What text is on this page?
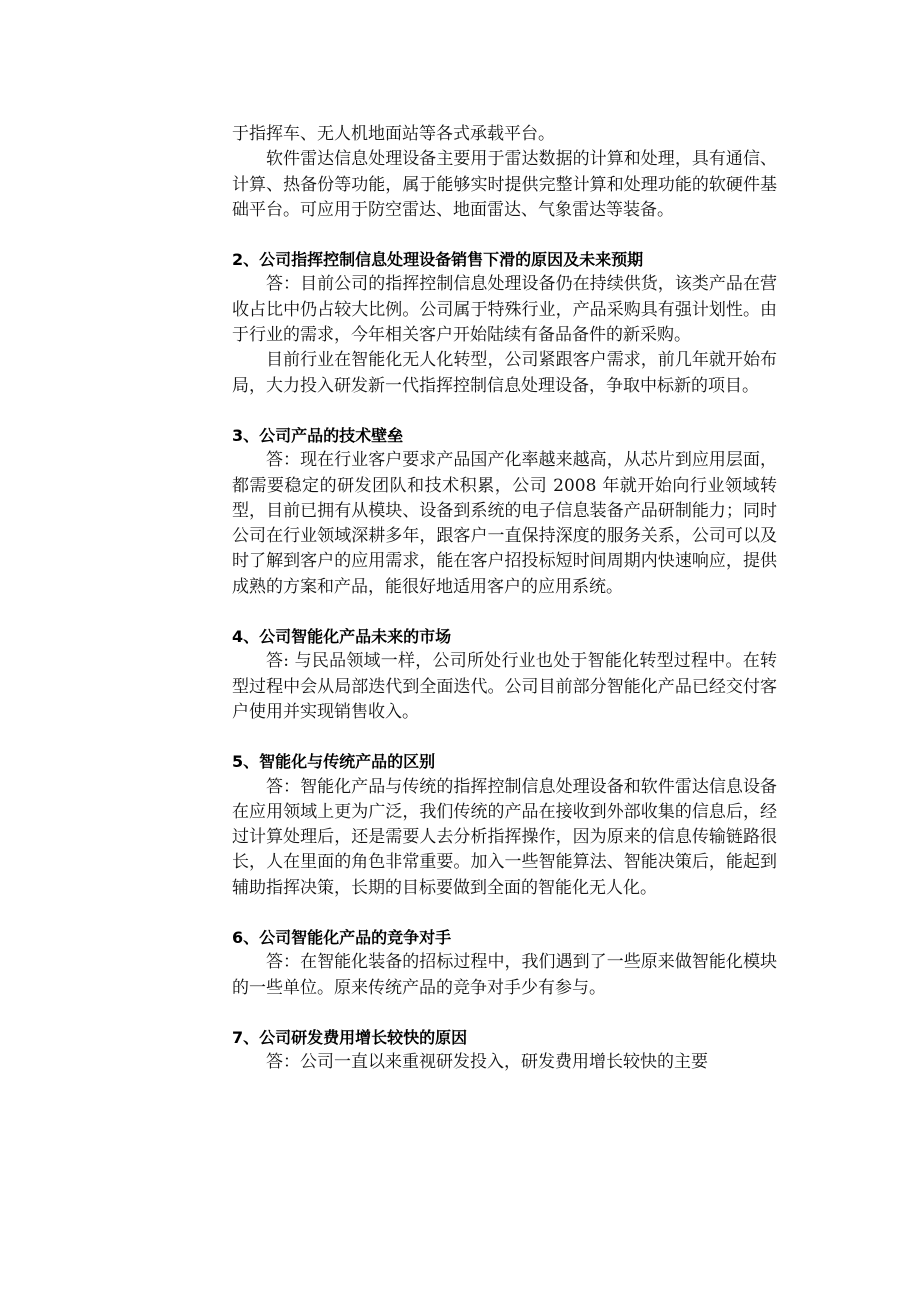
于指挥车、无人机地面站等各式承载平台。

软件雷达信息处理设备主要用于雷达数据的计算和处理，具有通信、计算、热备份等功能，属于能够实时提供完整计算和处理功能的软硬件基础平台。可应用于防空雷达、地面雷达、气象雷达等装备。

2、公司指挥控制信息处理设备销售下滑的原因及未来预期

答：目前公司的指挥控制信息处理设备仍在持续供货，该类产品在营收占比中仍占较大比例。公司属于特殊行业，产品采购具有强计划性。由于行业的需求，今年相关客户开始陆续有备品备件的新采购。

目前行业在智能化无人化转型，公司紧跟客户需求，前几年就开始布局，大力投入研发新一代指挥控制信息处理设备，争取中标新的项目。

3、公司产品的技术壁垒

答：现在行业客户要求产品国产化率越来越高，从芯片到应用层面，都需要稳定的研发团队和技术积累，公司 2008 年就开始向行业领域转型，目前已拥有从模块、设备到系统的电子信息装备产品研制能力；同时公司在行业领域深耕多年，跟客户一直保持深度的服务关系，公司可以及时了解到客户的应用需求，能在客户招投标短时间周期内快速响应，提供成熟的方案和产品，能很好地适用客户的应用系统。

4、公司智能化产品未来的市场

答: 与民品领域一样，公司所处行业也处于智能化转型过程中。在转型过程中会从局部迭代到全面迭代。公司目前部分智能化产品已经交付客户使用并实现销售收入。

5、智能化与传统产品的区别

答：智能化产品与传统的指挥控制信息处理设备和软件雷达信息设备在应用领域上更为广泛，我们传统的产品在接收到外部收集的信息后，经过计算处理后，还是需要人去分析指挥操作，因为原来的信息传输链路很长，人在里面的角色非常重要。加入一些智能算法、智能决策后，能起到辅助指挥决策，长期的目标要做到全面的智能化无人化。

6、公司智能化产品的竞争对手

答：在智能化装备的招标过程中，我们遇到了一些原来做智能化模块的一些单位。原来传统产品的竞争对手少有参与。

7、公司研发费用增长较快的原因

答：公司一直以来重视研发投入，研发费用增长较快的主要
